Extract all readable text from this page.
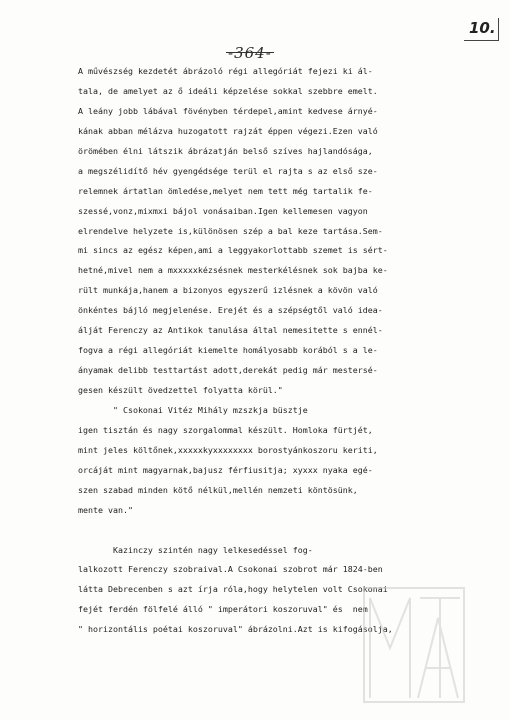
10.
-364-
A művészség kezdetét ábrázoló régi allegóriát fejezi ki ál-
tala, de amelyet az ő ideáli képzelése sokkal szebbre emelt.
A leány jobb lábával fövényben térdepel,amint kedvese árnyé-
kának abban mélázva huzogatott rajzát éppen végezi.Ezen való
örömében élni látszik ábrázatján belső szíves hajlandósága,
a megszélidítő hév gyengédsége terül el rajta s az első sze-
relemnek ártatlan ömledése,melyet nem tett még tartalik fe-
szessé,vonz,mixmxi bájol vonásaiban.Igen kellemesen vagyon
elrendelve helyzete is,különösen szép a bal keze tartása.Sem-
mi sincs az egész képen,ami a leggyakorlottabb szemet is sért-
hetné,mivel nem a mxxxxxkézsésnek mesterkélésnek sok bajba ke-
rült munkája,hanem a bizonyos egyszerű izlésnek a kövön való
önkéntes bájló megjelenése. Erejét és a szépségtől való idea-
álját Ferenczy az Antikok tanulása által nemesitette s ennél-
fogva a régi allegóriát kiemelte homályosabb korából s a le-
ányamak delibb testtartást adott,derekát pedig már mestersé-
gesen készült övedzettel folyatta körül."
" Csokonai Vitéz Mihály mzszkja büsztje
igen tisztán és nagy szorgalommal készült. Homloka fürtjét,
mint jeles költőnek,xxxxxkyxxxxxxxx borostyánkoszoru keriti,
orcáját mint magyarnak,bajusz férfiusitja; xyxxx nyaka egé-
szen szabad minden kötő nélkül,mellén nemzeti köntösünk,
mente van."
Kazinczy szintén nagy lelkesedéssel fog-
lalkozott Ferenczy szobraival.A Csokonai szobrot már 1824-ben
látta Debrecenben s azt írja róla,hogy helytelen volt Csokonai
fejét ferdén fölfelé álló " imperátori koszoruval" és  nem
" horizontális poétai koszoruval" ábrázolni.Azt is kifogásolja,
